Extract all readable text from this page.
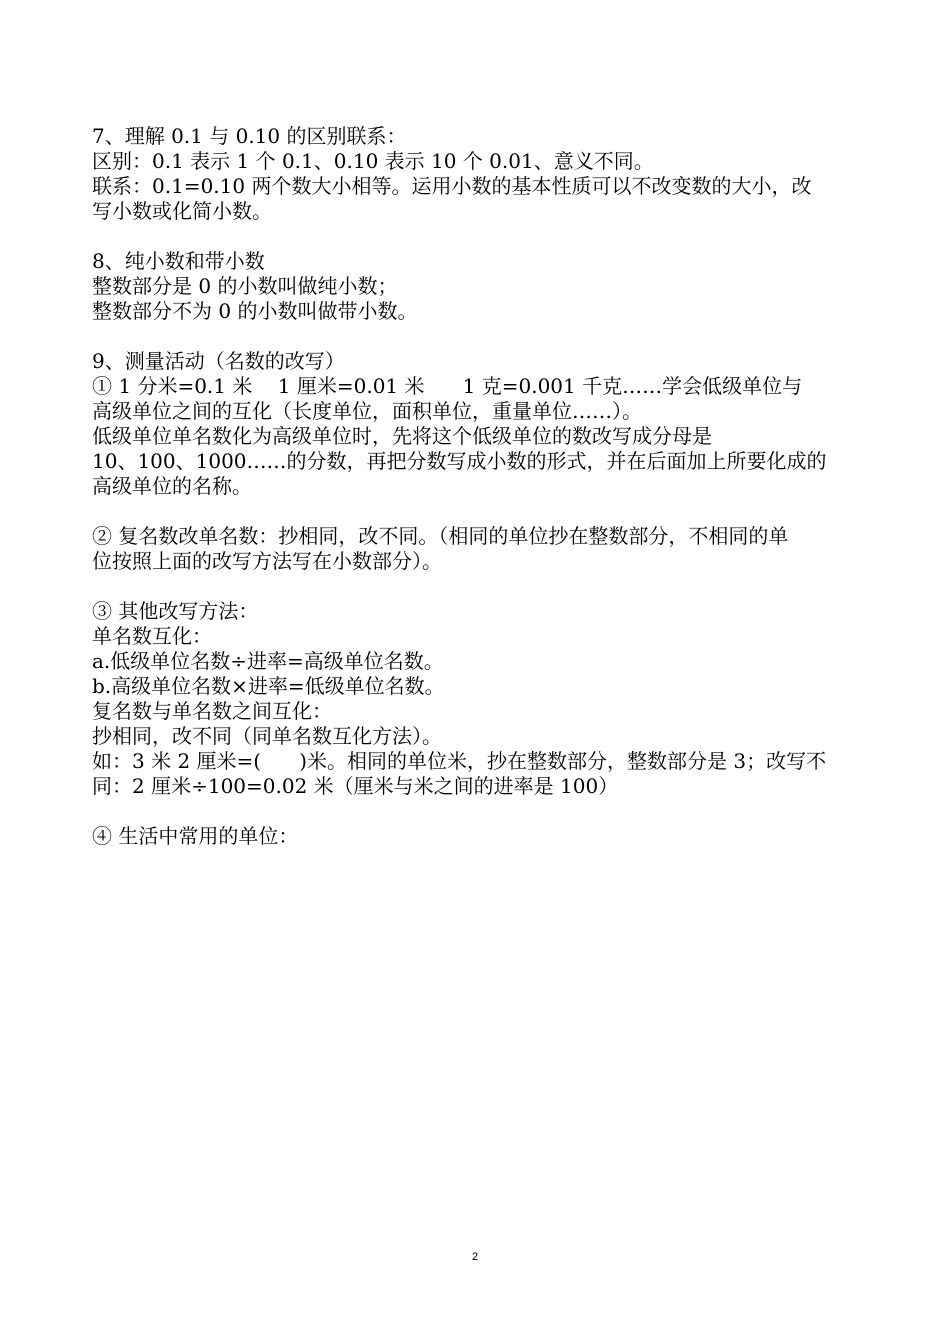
7、理解 0.1 与 0.10 的区别联系：

区别：0.1 表示 1 个 0.1、0.10 表示 10 个 0.01、意义不同。

联系：0.1=0.10 两个数大小相等。运用小数的基本性质可以不改变数的大小，改

写小数或化简小数。

8、纯小数和带小数

整数部分是 0 的小数叫做纯小数；

整数部分不为 0 的小数叫做带小数。

9、测量活动（名数的改写）

① 1 分米=0.1 米    1 厘米=0.01 米      1 克=0.001 千克……学会低级单位与

高级单位之间的互化（长度单位，面积单位，重量单位……）。

低级单位单名数化为高级单位时，先将这个低级单位的数改写成分母是

10、100、1000……的分数，再把分数写成小数的形式，并在后面加上所要化成的

高级单位的名称。

② 复名数改单名数：抄相同，改不同。（相同的单位抄在整数部分，不相同的单

位按照上面的改写方法写在小数部分）。

③ 其他改写方法：

单名数互化：

a.低级单位名数÷进率=高级单位名数。

b.高级单位名数×进率=低级单位名数。

复名数与单名数之间互化：

抄相同，改不同（同单名数互化方法）。

如：3 米 2 厘米=(      )米。相同的单位米，抄在整数部分，整数部分是 3；改写不

同：2 厘米÷100=0.02 米（厘米与米之间的进率是 100）

④ 生活中常用的单位：

2
